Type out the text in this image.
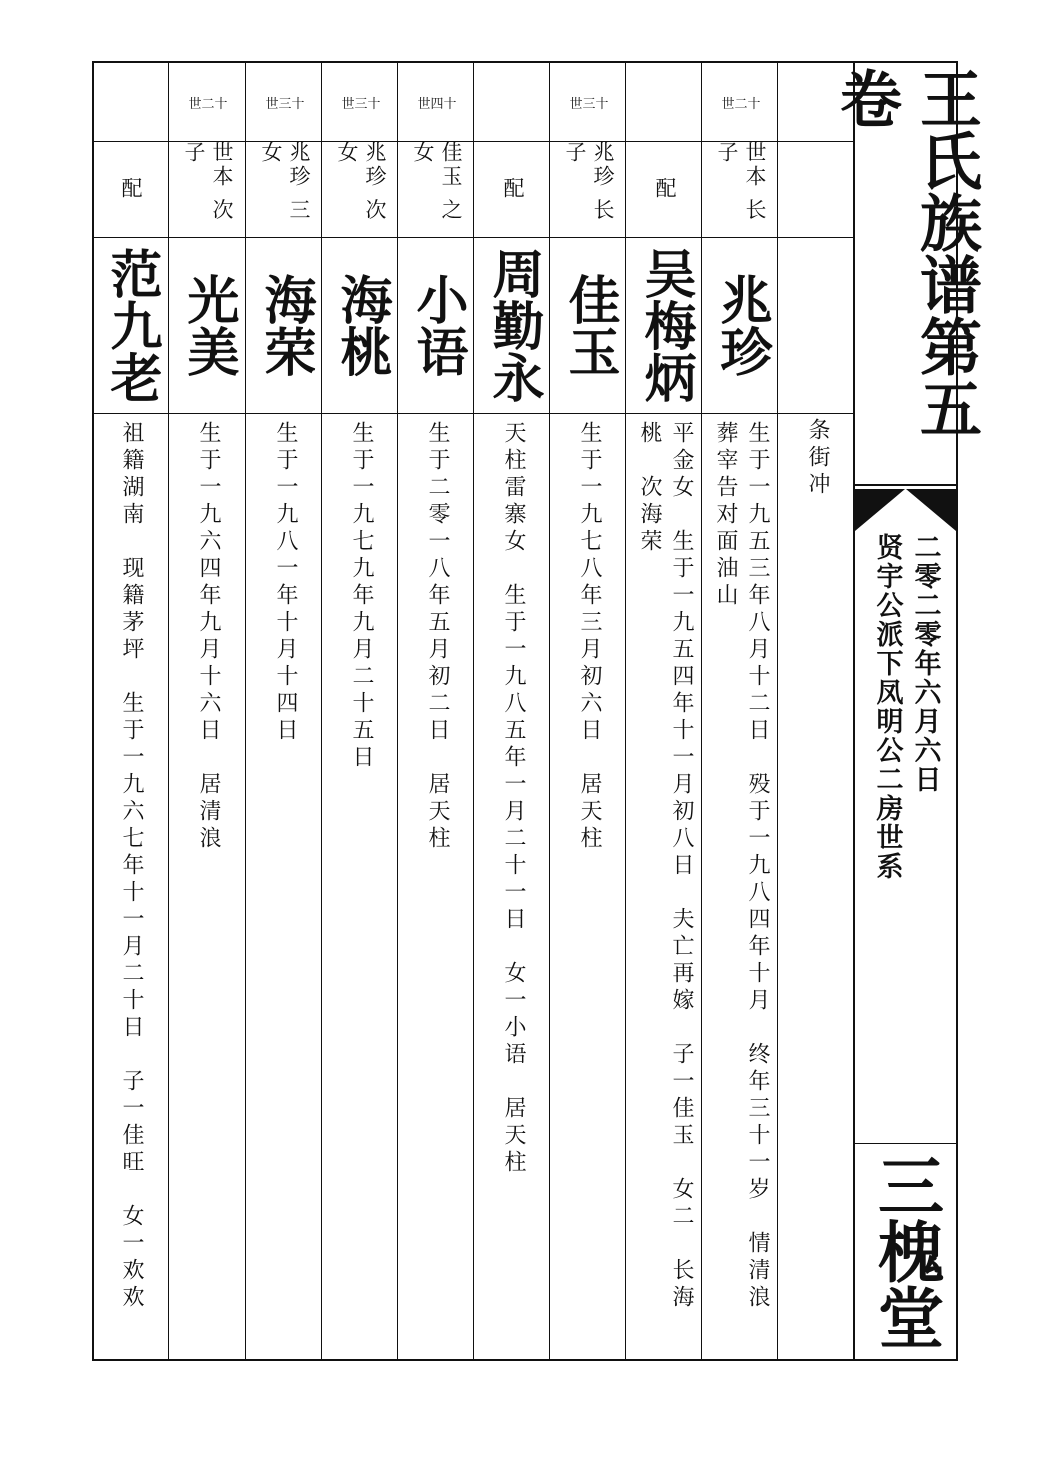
条街冲
十二世
世本 长子
兆珍
生于一九五三年八月十二日　殁于一九八四年十月　终年三十一岁　情清浪
葬宰告对面油山
配
吴梅炳
平金女　生于一九五四年十一月初八日　夫亡再嫁　子一佳玉　女二　长海
桃　次海荣
十三世
兆珍 长子
佳玉
生于一九七八年三月初六日　居天柱
配
周勤永
天柱雷寨女　生于一九八五年一月二十一日　女一小语　居天柱
十四世
佳玉 之女
小语
生于二零一八年五月初二日　居天柱
十三世
兆珍 次女
海桃
生于一九七九年九月二十五日
十三世
兆珍 三女
海荣
生于一九八一年十月十四日
十二世
世本 次子
光美
生于一九六四年九月十六日　居清浪
配
范九老
祖籍湖南　现籍茅坪　生于一九六七年十一月二十日　子一佳旺　女一欢欢
王氏族谱第五卷
贤宇公派下凤明公二房世系 二零二零年六月六日
三槐堂
